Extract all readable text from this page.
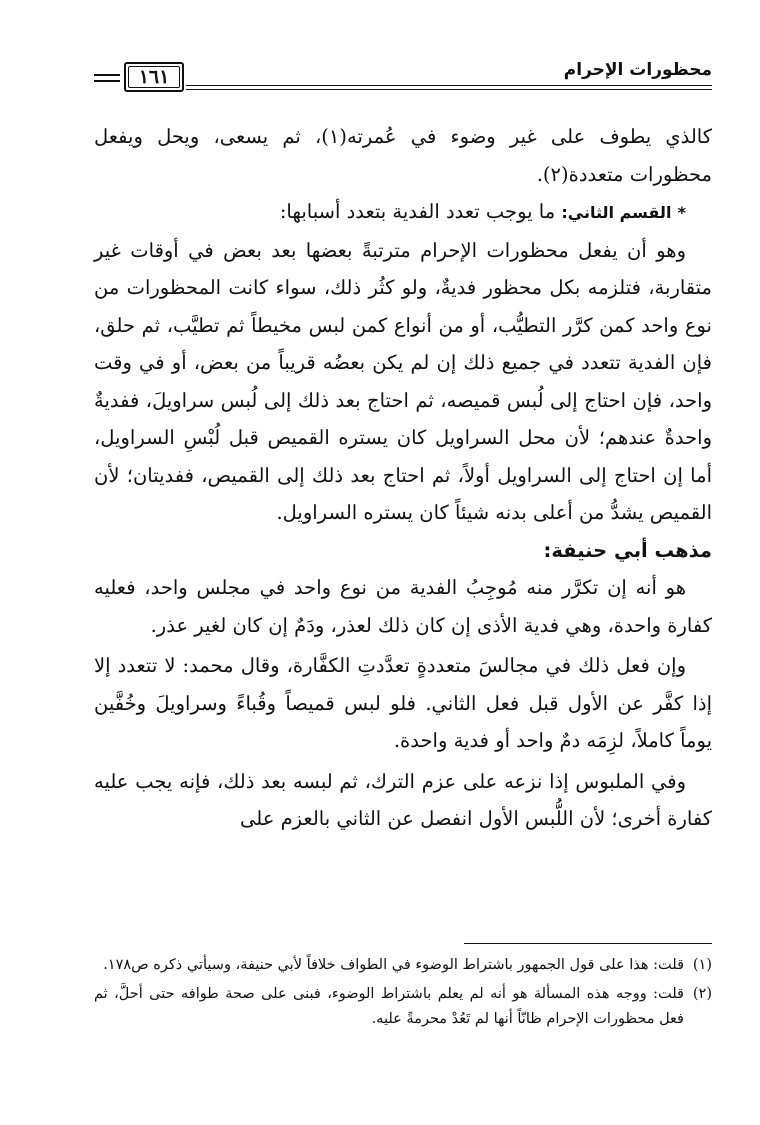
محظورات الإحرام
١٦١

كالذي يطوف على غير وضوء في عُمرته(١)، ثم يسعى، ويحل ويفعل محظورات متعددة(٢).

* القسم الثاني: ما يوجب تعدد الفدية بتعدد أسبابها:

وهو أن يفعل محظورات الإحرام مترتبةً بعضها بعد بعض في أوقات غير متقاربة، فتلزمه بكل محظور فديةٌ، ولو كثُر ذلك، سواء كانت المحظورات من نوع واحد كمن كرَّر التطيُّب، أو من أنواع كمن لبس مخيطاً ثم تطيَّب، ثم حلق، فإن الفدية تتعدد في جميع ذلك إن لم يكن بعضُه قريباً من بعض، أو في وقت واحد، فإن احتاج إلى لُبس قميصه، ثم احتاج بعد ذلك إلى لُبس سراويلَ، ففديةٌ واحدةٌ عندهم؛ لأن محل السراويل كان يستره القميص قبل لُبْسِ السراويل، أما إن احتاج إلى السراويل أولاً، ثم احتاج بعد ذلك إلى القميص، ففديتان؛ لأن القميص يشدُّ من أعلى بدنه شيئاً كان يستره السراويل.

مذهب أبي حنيفة:

هو أنه إن تكرَّر منه مُوجِبُ الفدية من نوع واحد في مجلس واحد، فعليه كفارة واحدة، وهي فدية الأذى إن كان ذلك لعذر، ودَمٌ إن كان لغير عذر.

وإن فعل ذلك في مجالسَ متعددةٍ تعدَّدتِ الكفَّارة، وقال محمد: لا تتعدد إلا إذا كفَّر عن الأول قبل فعل الثاني. فلو لبس قميصاً وقُباءً وسراويلَ وخُفَّين يوماً كاملاً، لزِمَه دمٌ واحد أو فدية واحدة.

وفي الملبوس إذا نزعه على عزم الترك، ثم لبسه بعد ذلك، فإنه يجب عليه كفارة أخرى؛ لأن اللُّبس الأول انفصل عن الثاني بالعزم على

(١)
قلت: هذا على قول الجمهور باشتراط الوضوء في الطواف خلافاً لأبي حنيفة، وسيأتي ذكره ص١٧٨.
(٢)
قلت: ووجه هذه المسألة هو أنه لم يعلم باشتراط الوضوء، فبنى على صحة طوافه حتى أحلَّ، ثم فعل محظورات الإحرام ظانّاً أنها لم تَعُدْ محرمةً عليه.
